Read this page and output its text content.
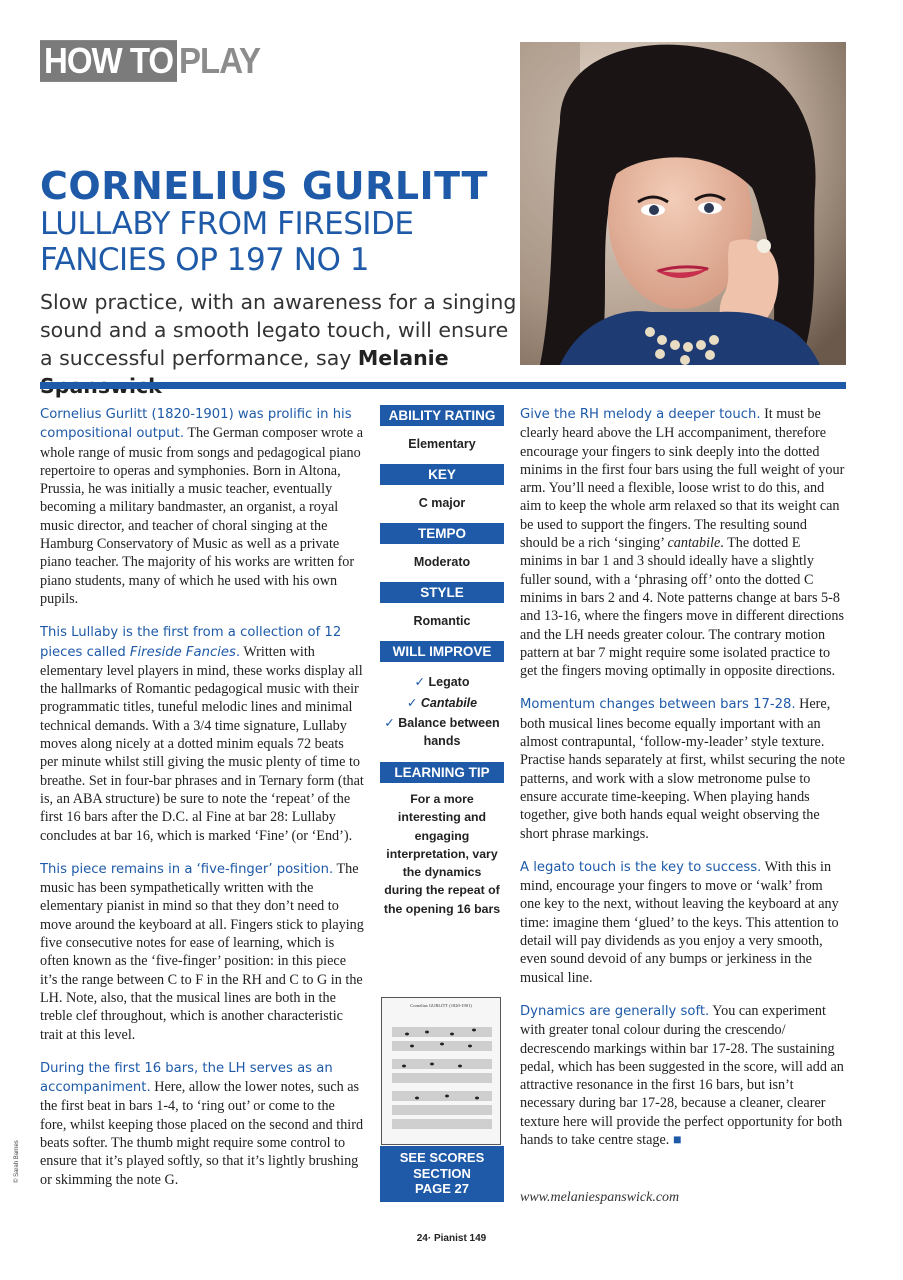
HOW TO PLAY
CORNELIUS GURLITT
LULLABY FROM FIRESIDE
FANCIES OP 197 NO 1
Slow practice, with an awareness for a singing sound and a smooth legato touch, will ensure a successful performance, say Melanie
© Sarah Barnes

Cornelius Gurlitt (1820-1901) was prolific in his compositional output. The German composer wrote a whole range of music from songs and pedagogical piano repertoire to operas and symphonies. Born in Altona, Prussia, he was initially a music teacher, eventually becoming a military bandmaster, an organist, a royal music director, and teacher of choral singing at the Hamburg Conservatory of Music as well as a private piano teacher. The majority of his works are written for piano students, many of which he used with his own pupils.

This Lullaby is the first from a collection of 12 pieces called Fireside Fancies. Written with elementary level players in mind, these works display all the hallmarks of Romantic pedagogical music with their programmatic titles, tuneful melodic lines and minimal technical demands. With a 3/4 time signature, Lullaby moves along nicely at a dotted minim equals 72 beats per minute whilst still giving the music plenty of time to breathe. Set in four-bar phrases and in Ternary form (that is, an ABA structure) be sure to note the ‘repeat’ of the first 16 bars after the D.C. al Fine at bar 28: Lullaby concludes at bar 16, which is marked ‘Fine’ (or ‘End’).

This piece remains in a ‘five-finger’ position. The music has been sympathetically written with the elementary pianist in mind so that they don’t need to move around the keyboard at all. Fingers stick to playing five consecutive notes for ease of learning, which is often known as the ‘five-finger’ position: in this piece it’s the range between C to F in the RH and C to G in the LH. Note, also, that the musical lines are both in the treble clef throughout, which is another characteristic trait at this level.

During the first 16 bars, the LH serves as an accompaniment. Here, allow the lower notes, such as the first beat in bars 1-4, to ‘ring out’ or come to the fore, whilst keeping those placed on the second and third beats softer. The thumb might require some control to ensure that it’s played softly, so that it’s lightly brushing or skimming the note G.

ABILITY RATING
Elementary
KEY
C major
TEMPO
Moderato
STYLE
Romantic
WILL IMPROVE
✓ Legato
✓ Cantabile
✓ Balance between hands
LEARNING TIP
For a more interesting and engaging interpretation, vary the dynamics during the repeat of the opening 16 bars
Cornelius GURLITT (1820-1901)
SEE SCORES
SECTION
PAGE 27

Give the RH melody a deeper touch. It must be clearly heard above the LH accompaniment, therefore encourage your fingers to sink deeply into the dotted minims in the first four bars using the full weight of your arm. You’ll need a flexible, loose wrist to do this, and aim to keep the whole arm relaxed so that its weight can be used to support the fingers. The resulting sound should be a rich ‘singing’ cantabile. The dotted E minims in bar 1 and 3 should ideally have a slightly fuller sound, with a ‘phrasing off’ onto the dotted C minims in bars 2 and 4. Note patterns change at bars 5-8 and 13-16, where the fingers move in different directions and the LH needs greater colour. The contrary motion pattern at bar 7 might require some isolated practice to get the fingers moving optimally in opposite directions.

Momentum changes between bars 17-28. Here, both musical lines become equally important with an almost contrapuntal, ‘follow-my-leader’ style texture. Practise hands separately at first, whilst securing the note patterns, and work with a slow metronome pulse to ensure accurate time-keeping. When playing hands together, give both hands equal weight observing the short phrase markings.

A legato touch is the key to success. With this in mind, encourage your fingers to move or ‘walk’ from one key to the next, without leaving the keyboard at any time: imagine them ‘glued’ to the keys. This attention to detail will pay dividends as you enjoy a very smooth, even sound devoid of any bumps or jerkiness in the musical line.

Dynamics are generally soft. You can experiment with greater tonal colour during the crescendo/ decrescendo markings within bar 17-28. The sustaining pedal, which has been suggested in the score, will add an attractive resonance in the first 16 bars, but isn’t necessary during bar 17-28, because a cleaner, clearer texture here will provide the perfect opportunity for both hands to take centre stage. ■

www.melaniespanswick.com
24· Pianist 149
